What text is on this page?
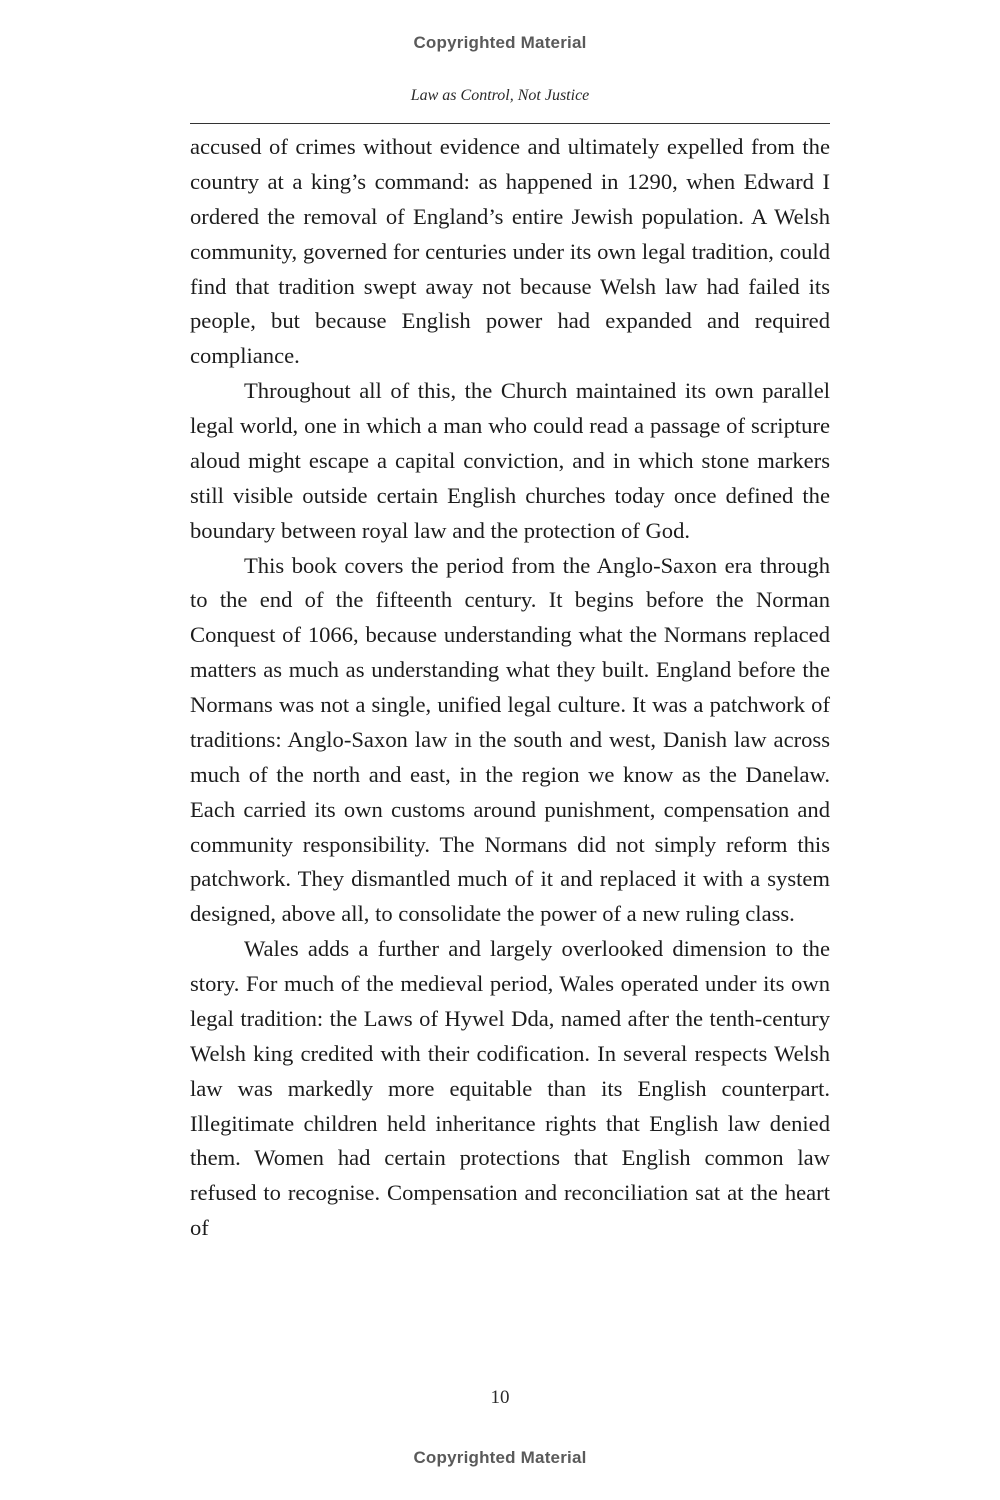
Copyrighted Material
Law as Control, Not Justice

accused of crimes without evidence and ultimately expelled from the country at a king’s command: as happened in 1290, when Edward I ordered the removal of England’s entire Jewish population. A Welsh community, governed for centuries under its own legal tradition, could find that tradition swept away not because Welsh law had failed its people, but because English power had expanded and required compliance.

Throughout all of this, the Church maintained its own parallel legal world, one in which a man who could read a passage of scripture aloud might escape a capital conviction, and in which stone markers still visible outside certain English churches today once defined the boundary between royal law and the protection of God.

This book covers the period from the Anglo-Saxon era through to the end of the fifteenth century. It begins before the Norman Conquest of 1066, because understanding what the Normans replaced matters as much as understanding what they built. England before the Normans was not a single, unified legal culture. It was a patchwork of traditions: Anglo-Saxon law in the south and west, Danish law across much of the north and east, in the region we know as the Danelaw. Each carried its own customs around punishment, compensation and community responsibility. The Normans did not simply reform this patchwork. They dismantled much of it and replaced it with a system designed, above all, to consolidate the power of a new ruling class.

Wales adds a further and largely overlooked dimension to the story. For much of the medieval period, Wales operated under its own legal tradition: the Laws of Hywel Dda, named after the tenth-century Welsh king credited with their codification. In several respects Welsh law was markedly more equitable than its English counterpart. Illegitimate children held inheritance rights that English law denied them. Women had certain protections that English common law refused to recognise. Compensation and reconciliation sat at the heart of

10
Copyrighted Material
